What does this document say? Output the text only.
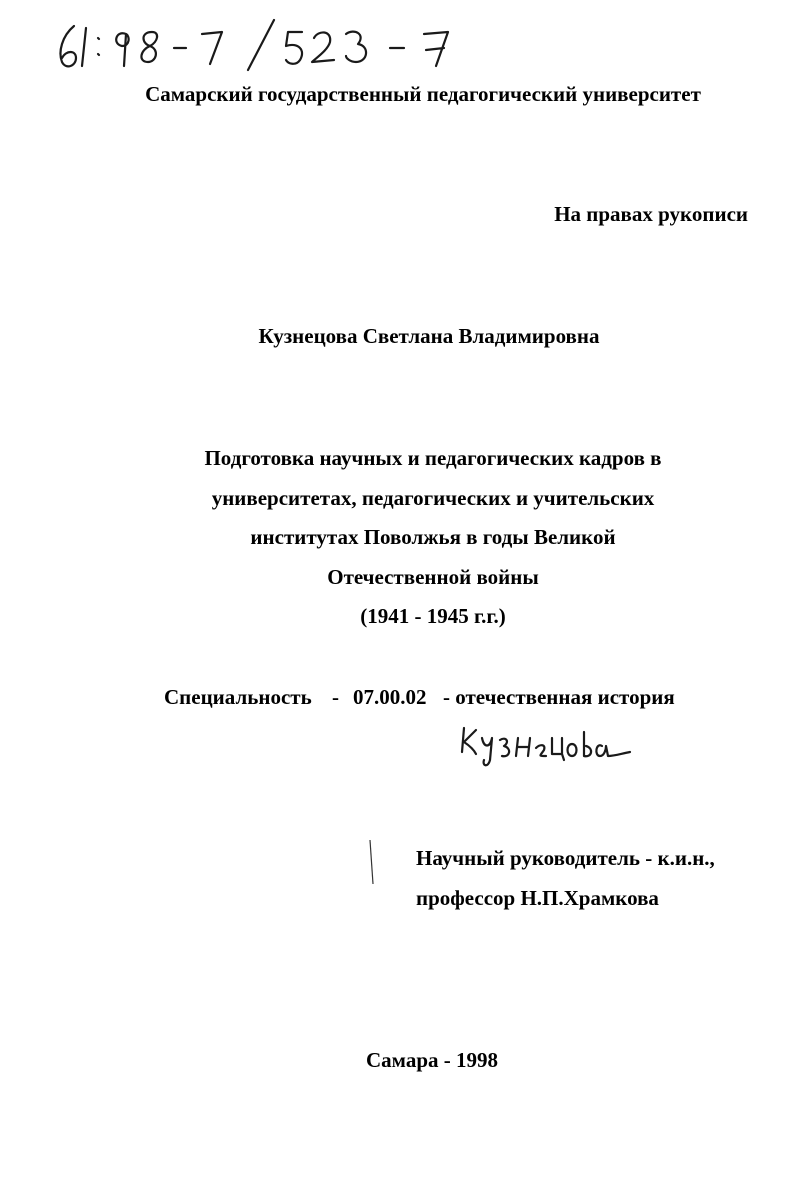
Самарский государственный педагогический университет
На правах рукописи
Кузнецова Светлана Владимировна
Подготовка научных и педагогических кадров в
университетах, педагогических и учительских
институтах Поволжья в годы Великой
Отечественной войны
(1941 - 1945 г.г.)
Специальность - 07.00.02 - отечественная история
Научный руководитель - к.и.н.,
профессор Н.П.Храмкова
Самара - 1998
